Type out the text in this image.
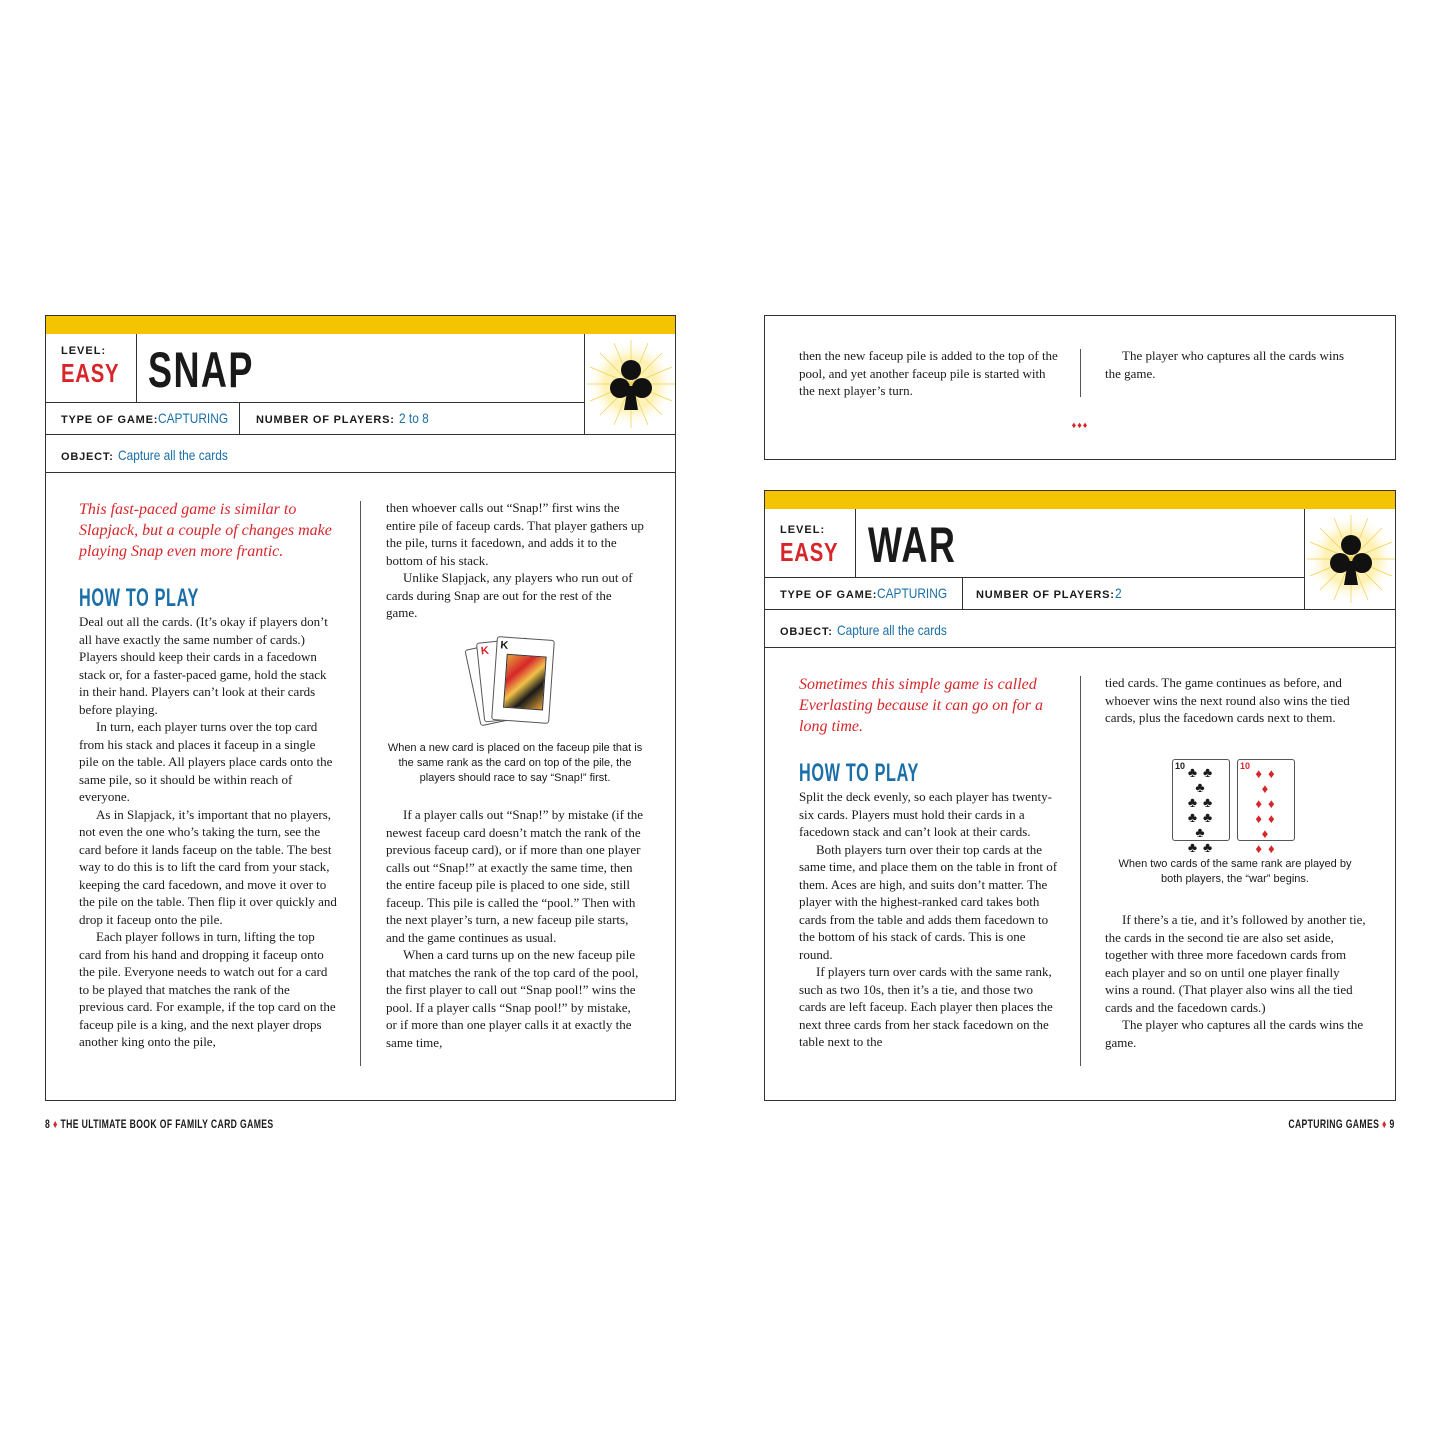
LEVEL:
EASY SNAP
TYPE OF GAME:CAPTURING	NUMBER OF PLAYERS: 2 to 8
OBJECT: Capture all the cards
This fast-paced game is similar to Slapjack, but a couple of changes make playing Snap even more frantic.
HOW TO PLAY

Deal out all the cards. (It’s okay if players don’t all have exactly the same number of cards.) Players should keep their cards in a facedown stack or, for a faster-paced game, hold the stack in their hand. Players can’t look at their cards before playing.

In turn, each player turns over the top card from his stack and places it faceup in a single pile on the table. All players place cards onto the same pile, so it should be within reach of everyone.

As in Slapjack, it’s important that no players, not even the one who’s taking the turn, see the card before it lands faceup on the table. The best way to do this is to lift the card from your stack, keeping the card facedown, and move it over to the pile on the table. Then flip it over quickly and drop it faceup onto the pile.

Each player follows in turn, lifting the top card from his hand and dropping it faceup onto the pile. Everyone needs to watch out for a card to be played that matches the rank of the previous card. For example, if the top card on the faceup pile is a king, and the next player drops another king onto the pile,

then whoever calls out “Snap!” first wins the entire pile of faceup cards. That player gathers up the pile, turns it facedown, and adds it to the bottom of his stack.

Unlike Slapjack, any players who run out of cards during Snap are out for the rest of the game.

K K
When a new card is placed on the faceup pile that is the same rank as the card on top of the pile, the players should race to say “Snap!” first.

If a player calls out “Snap!” by mistake (if the newest faceup card doesn’t match the rank of the previous faceup card), or if more than one player calls out “Snap!” at exactly the same time, then the entire faceup pile is placed to one side, still faceup. This pile is called the “pool.” Then with the next player’s turn, a new faceup pile starts, and the game continues as usual.

When a card turns up on the new faceup pile that matches the rank of the top card of the pool, the first player to call out “Snap pool!” wins the pool. If a player calls “Snap pool!” by mistake, or if more than one player calls it at exactly the same time,

8 ♦ THE ULTIMATE BOOK OF FAMILY CARD GAMES
then the new faceup pile is added to the top of the pool, and yet another faceup pile is started with the next player’s turn.

The player who captures all the cards wins the game.

♦♦♦
LEVEL:
EASY WAR
TYPE OF GAME:CAPTURING	NUMBER OF PLAYERS:2
OBJECT: Capture all the cards
Sometimes this simple game is called Everlasting because it can go on for a long time.
HOW TO PLAY

Split the deck evenly, so each player has twenty-six cards. Players must hold their cards in a facedown stack and can’t look at their cards.

Both players turn over their top cards at the same time, and place them on the table in front of them. Aces are high, and suits don’t matter. The player with the highest-ranked card takes both cards from the table and adds them facedown to the bottom of his stack of cards. This is one round.

If players turn over cards with the same rank, such as two 10s, then it’s a tie, and those two cards are left faceup. Each player then places the next three cards from her stack facedown on the table next to the

tied cards. The game continues as before, and whoever wins the next round also wins the tied cards, plus the facedown cards next to them.

10 ♣♣
♣
♣♣
♣♣
♣
♣♣
10 ♦♦
♦
♦♦
♦♦
♦
♦♦
When two cards of the same rank are played by both players, the “war” begins.

If there’s a tie, and it’s followed by another tie, the cards in the second tie are also set aside, together with three more facedown cards from each player and so on until one player finally wins a round. (That player also wins all the tied cards and the facedown cards.)

The player who captures all the cards wins the game.

CAPTURING GAMES ♦ 9
